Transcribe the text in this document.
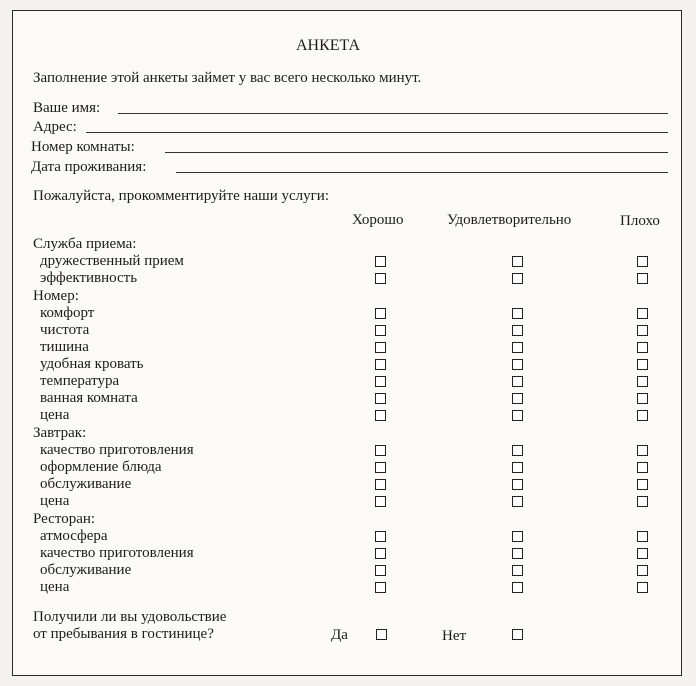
АНКЕТА
Заполнение этой анкеты займет у вас всего несколько минут.
Ваше имя:
Адрес:
Номер комнаты:
Дата проживания:
Пожалуйста, прокомментируйте наши услуги:
Хорошо	Удовлетворительно	Плохо
Служба приема:
дружественный прием
эффективность
Номер:
комфорт
чистота
тишина
удобная кровать
температура
ванная комната
цена
Завтрак:
качество приготовления
оформление блюда
обслуживание
цена
Ресторан:
атмосфера
качество приготовления
обслуживание
цена
Получили ли вы удовольствие
от пребывания в гостинице?	Да	Нет
